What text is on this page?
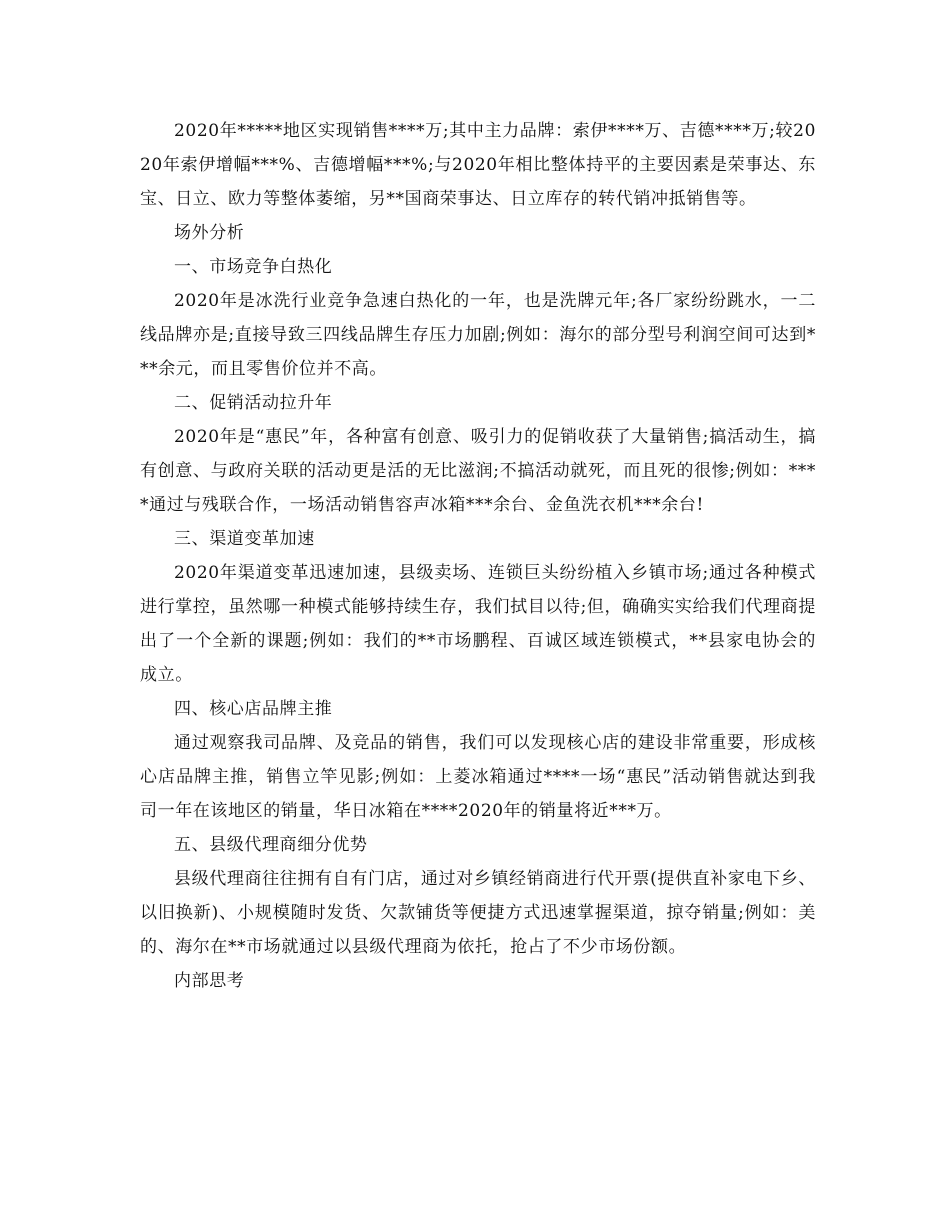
2020年*****地区实现销售****万;其中主力品牌：索伊****万、吉德****万;较2020年索伊增幅***%、吉德增幅***%;与2020年相比整体持平的主要因素是荣事达、东宝、日立、欧力等整体萎缩，另**国商荣事达、日立库存的转代销冲抵销售等。

场外分析

一、市场竞争白热化

2020年是冰洗行业竞争急速白热化的一年，也是洗牌元年;各厂家纷纷跳水，一二线品牌亦是;直接导致三四线品牌生存压力加剧;例如：海尔的部分型号利润空间可达到***余元，而且零售价位并不高。

二、促销活动拉升年

2020年是“惠民”年，各种富有创意、吸引力的促销收获了大量销售;搞活动生，搞有创意、与政府关联的活动更是活的无比滋润;不搞活动就死，而且死的很惨;例如：****通过与残联合作，一场活动销售容声冰箱***余台、金鱼洗衣机***余台!

三、渠道变革加速

2020年渠道变革迅速加速，县级卖场、连锁巨头纷纷植入乡镇市场;通过各种模式进行掌控，虽然哪一种模式能够持续生存，我们拭目以待;但，确确实实给我们代理商提出了一个全新的课题;例如：我们的**市场鹏程、百诚区域连锁模式，**县家电协会的成立。

四、核心店品牌主推

通过观察我司品牌、及竞品的销售，我们可以发现核心店的建设非常重要，形成核心店品牌主推，销售立竿见影;例如：上菱冰箱通过****一场“惠民”活动销售就达到我司一年在该地区的销量，华日冰箱在****2020年的销量将近***万。

五、县级代理商细分优势

县级代理商往往拥有自有门店，通过对乡镇经销商进行代开票(提供直补家电下乡、以旧换新)、小规模随时发货、欠款铺货等便捷方式迅速掌握渠道，掠夺销量;例如：美的、海尔在**市场就通过以县级代理商为依托，抢占了不少市场份额。

内部思考
